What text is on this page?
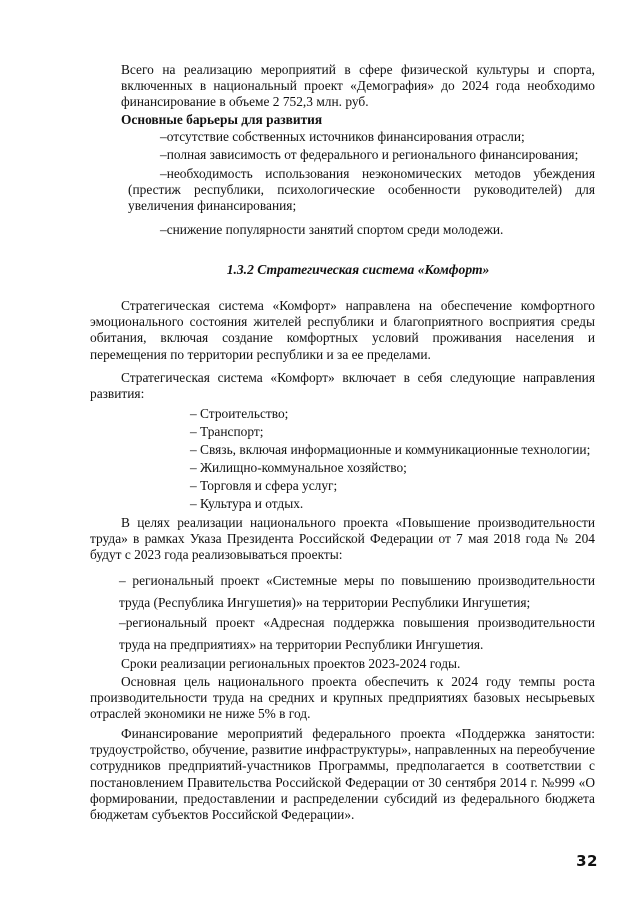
Всего на реализацию мероприятий в сфере физической культуры и спорта, включенных в национальный проект «Демография» до 2024 года необходимо финансирование в объеме 2 752,3 млн. руб.

Основные барьеры для развития

–отсутствие собственных источников финансирования отрасли;

–полная зависимость от федерального и регионального финансирования;

–необходимость использования неэкономических методов убеждения (престиж республики, психологические особенности руководителей) для увеличения финансирования;

–снижение популярности занятий спортом среди молодежи.

1.3.2 Стратегическая система «Комфорт»

Стратегическая система «Комфорт» направлена на обеспечение комфортного эмоционального состояния жителей республики и благоприятного восприятия среды обитания, включая создание комфортных условий проживания населения и перемещения по территории республики и за ее пределами.

Стратегическая система «Комфорт» включает в себя следующие направления развития:

– Строительство;

– Транспорт;

– Связь, включая информационные и коммуникационные технологии;

– Жилищно-коммунальное хозяйство;

– Торговля и сфера услуг;

– Культура и отдых.

В целях реализации национального проекта «Повышение производительности труда» в рамках Указа Президента Российской Федерации от 7 мая 2018 года № 204 будут с 2023 года реализовываться проекты:

– региональный проект «Системные меры по повышению производительности труда (Республика Ингушетия)» на территории Республики Ингушетия;

–региональный проект «Адресная поддержка повышения производительности труда на предприятиях» на территории Республики Ингушетия.

Сроки реализации региональных проектов 2023-2024 годы.

Основная цель национального проекта обеспечить к 2024 году темпы роста производительности труда на средних и крупных предприятиях базовых несырьевых отраслей экономики не ниже 5% в год.

Финансирование мероприятий федерального проекта «Поддержка занятости: трудоустройство, обучение, развитие инфраструктуры», направленных на переобучение сотрудников предприятий-участников Программы, предполагается в соответствии с постановлением Правительства Российской Федерации от 30 сентября 2014 г. №999 «О формировании, предоставлении и распределении субсидий из федерального бюджета бюджетам субъектов Российской Федерации».

32
